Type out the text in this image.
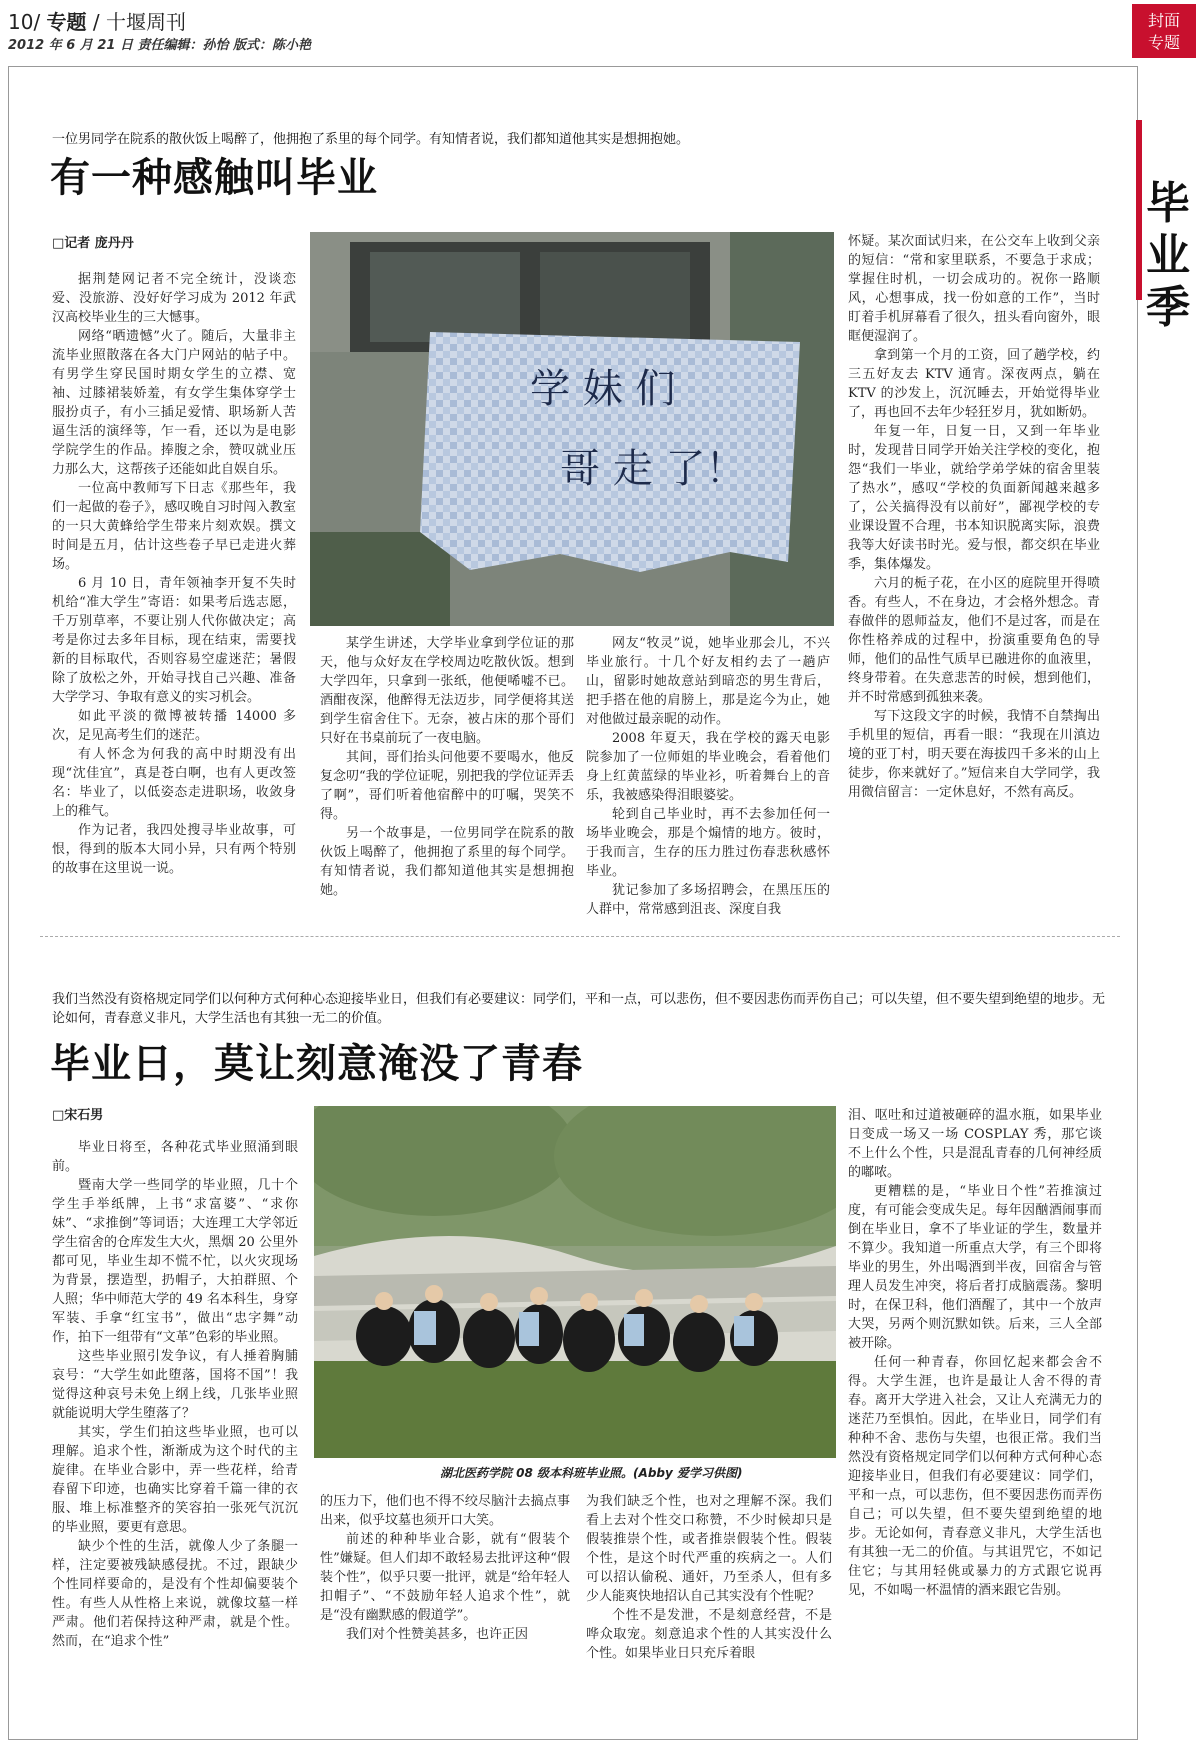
10/ 专题 / 十堰周刊
2012 年 6 月 21 日 责任编辑：孙怡 版式：陈小艳
封面
专题
毕业季
一位男同学在院系的散伙饭上喝醉了，他拥抱了系里的每个同学。有知情者说，我们都知道他其实是想拥抱她。
有一种感触叫毕业
□记者 庞丹丹

据荆楚网记者不完全统计，没谈恋爱、没旅游、没好好学习成为 2012 年武汉高校毕业生的三大憾事。

网络“晒遗憾”火了。随后，大量非主流毕业照散落在各大门户网站的帖子中。有男学生穿民国时期女学生的立襟、宽袖、过膝裙装娇羞，有女学生集体穿学士服扮贞子，有小三插足爱情、职场新人苦逼生活的演绎等，乍一看，还以为是电影学院学生的作品。捧腹之余，赞叹就业压力那么大，这帮孩子还能如此自娱自乐。

一位高中教师写下日志《那些年，我们一起做的卷子》，感叹晚自习时闯入教室的一只大黄蜂给学生带来片刻欢娱。撰文时间是五月，估计这些卷子早已走进火葬场。

6 月 10 日，青年领袖李开复不失时机给“准大学生”寄语：如果考后选志愿，千万别草率，不要让别人代你做决定；高考是你过去多年目标，现在结束，需要找新的目标取代，否则容易空虚迷茫；暑假除了放松之外，开始寻找自己兴趣、准备大学学习、争取有意义的实习机会。

如此平淡的微博被转播 14000 多次，足见高考生们的迷茫。

有人怀念为何我的高中时期没有出现“沈佳宜”，真是苍白啊，也有人更改签名：毕业了，以低姿态走进职场，收敛身上的稚气。

作为记者，我四处搜寻毕业故事，可恨，得到的版本大同小异，只有两个特别的故事在这里说一说。

学 妹 们
哥 走 了！

某学生讲述，大学毕业拿到学位证的那天，他与众好友在学校周边吃散伙饭。想到大学四年，只拿到一张纸，他便唏嘘不已。酒酣夜深，他醉得无法迈步，同学便将其送到学生宿舍住下。无奈，被占床的那个哥们只好在书桌前玩了一夜电脑。

其间，哥们抬头问他要不要喝水，他反复念叨“我的学位证呢，别把我的学位证弄丢了啊”，哥们听着他宿醉中的叮嘱，哭笑不得。

另一个故事是，一位男同学在院系的散伙饭上喝醉了，他拥抱了系里的每个同学。有知情者说，我们都知道他其实是想拥抱她。

网友“牧灵”说，她毕业那会儿，不兴毕业旅行。十几个好友相约去了一趟庐山，留影时她故意站到暗恋的男生背后，把手搭在他的肩膀上，那是迄今为止，她对他做过最亲昵的动作。

2008 年夏天，我在学校的露天电影院参加了一位师姐的毕业晚会，看着他们身上红黄蓝绿的毕业衫，听着舞台上的音乐，我被感染得泪眼婆娑。

轮到自己毕业时，再不去参加任何一场毕业晚会，那是个煽情的地方。彼时，于我而言，生存的压力胜过伤春悲秋感怀毕业。

犹记参加了多场招聘会，在黑压压的人群中，常常感到沮丧、深度自我

怀疑。某次面试归来，在公交车上收到父亲的短信：“常和家里联系，不要急于求成；掌握住时机，一切会成功的。祝你一路顺风，心想事成，找一份如意的工作”，当时盯着手机屏幕看了很久，扭头看向窗外，眼眶便湿润了。

拿到第一个月的工资，回了趟学校，约三五好友去 KTV 通宵。深夜两点，躺在 KTV 的沙发上，沉沉睡去，开始觉得毕业了，再也回不去年少轻狂岁月，犹如断奶。

年复一年，日复一日，又到一年毕业时，发现昔日同学开始关注学校的变化，抱怨“我们一毕业，就给学弟学妹的宿舍里装了热水”，感叹“学校的负面新闻越来越多了，公关搞得没有以前好”，鄙视学校的专业课设置不合理，书本知识脱离实际，浪费我等大好读书时光。爱与恨，都交织在毕业季，集体爆发。

六月的栀子花，在小区的庭院里开得喷香。有些人，不在身边，才会格外想念。青春做伴的恩师益友，他们不是过客，而是在你性格养成的过程中，扮演重要角色的导师，他们的品性气质早已融进你的血液里，终身带着。在失意悲苦的时候，想到他们，并不时常感到孤独来袭。

写下这段文字的时候，我情不自禁掏出手机里的短信，再看一眼：“我现在川滇边境的亚丁村，明天要在海拔四千多米的山上徒步，你来就好了。”短信来自大学同学，我用微信留言：一定休息好，不然有高反。

我们当然没有资格规定同学们以何种方式何种心态迎接毕业日，但我们有必要建议：同学们，平和一点，可以悲伤，但不要因悲伤而弄伤自己；可以失望，但不要失望到绝望的地步。无论如何，青春意义非凡，大学生活也有其独一无二的价值。
毕业日，莫让刻意淹没了青春
□宋石男

毕业日将至，各种花式毕业照涌到眼前。

暨南大学一些同学的毕业照，几十个学生手举纸牌，上书“求富婆”、“求你妹”、“求推倒”等词语；大连理工大学邻近学生宿舍的仓库发生大火，黑烟 20 公里外都可见，毕业生却不慌不忙，以火灾现场为背景，摆造型，扔帽子，大拍群照、个人照；华中师范大学的 49 名本科生，身穿军装、手拿“红宝书”，做出“忠字舞”动作，拍下一组带有“文革”色彩的毕业照。

这些毕业照引发争议，有人捶着胸脯哀号：“大学生如此堕落，国将不国”！我觉得这种哀号未免上纲上线，几张毕业照就能说明大学生堕落了？

其实，学生们拍这些毕业照，也可以理解。追求个性，渐渐成为这个时代的主旋律。在毕业合影中，弄一些花样，给青春留下印迹，也确实比穿着千篇一律的衣服、堆上标准整齐的笑容拍一张死气沉沉的毕业照，要更有意思。

缺少个性的生活，就像人少了条腿一样，注定要被残缺感侵扰。不过，跟缺少个性同样要命的，是没有个性却偏要装个性。有些人从性格上来说，就像坟墓一样严肃。他们若保持这种严肃，就是个性。然而，在“追求个性”

湖北医药学院 08 级本科班毕业照。(Abby 爱学习供图)

的压力下，他们也不得不绞尽脑汁去搞点事出来，似乎坟墓也须开口大笑。

前述的种种毕业合影，就有“假装个性”嫌疑。但人们却不敢轻易去批评这种“假装个性”，似乎只要一批评，就是“给年轻人扣帽子”、“不鼓励年轻人追求个性”，就是“没有幽默感的假道学”。

我们对个性赞美甚多，也许正因

为我们缺乏个性，也对之理解不深。我们看上去对个性交口称赞，不少时候却只是假装推崇个性，或者推崇假装个性。假装个性，是这个时代严重的疾病之一。人们可以招认偷税、通奸，乃至杀人，但有多少人能爽快地招认自己其实没有个性呢？

个性不是发泄，不是刻意经营，不是哗众取宠。刻意追求个性的人其实没什么个性。如果毕业日只充斥着眼

泪、呕吐和过道被砸碎的温水瓶，如果毕业日变成一场又一场 COSPLAY 秀，那它谈不上什么个性，只是混乱青春的几何神经质的嘟哝。

更糟糕的是，“毕业日个性”若推演过度，有可能会变成失足。每年因酗酒闹事而倒在毕业日，拿不了毕业证的学生，数量并不算少。我知道一所重点大学，有三个即将毕业的男生，外出喝酒到半夜，回宿舍与管理人员发生冲突，将后者打成脑震荡。黎明时，在保卫科，他们酒醒了，其中一个放声大哭，另两个则沉默如铁。后来，三人全部被开除。

任何一种青春，你回忆起来都会舍不得。大学生涯，也许是最让人舍不得的青春。离开大学进入社会，又让人充满无力的迷茫乃至惧怕。因此，在毕业日，同学们有种种不舍、悲伤与失望，也很正常。我们当然没有资格规定同学们以何种方式何种心态迎接毕业日，但我们有必要建议：同学们，平和一点，可以悲伤，但不要因悲伤而弄伤自己；可以失望，但不要失望到绝望的地步。无论如何，青春意义非凡，大学生活也有其独一无二的价值。与其诅咒它，不如记住它；与其用轻佻或暴力的方式跟它说再见，不如喝一杯温情的酒来跟它告别。
